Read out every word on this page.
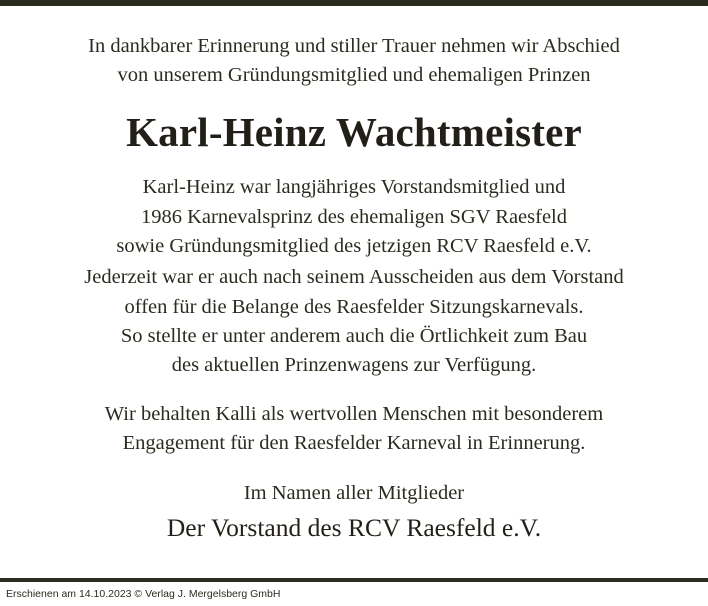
In dankbarer Erinnerung und stiller Trauer nehmen wir Abschied
von unserem Gründungsmitglied und ehemaligen Prinzen
Karl-Heinz Wachtmeister
Karl-Heinz war langjähriges Vorstandsmitglied und
1986 Karnevalsprinz des ehemaligen SGV Raesfeld
sowie Gründungsmitglied des jetzigen RCV Raesfeld e.V.
Jederzeit war er auch nach seinem Ausscheiden aus dem Vorstand
offen für die Belange des Raesfelder Sitzungskarnevals.
So stellte er unter anderem auch die Örtlichkeit zum Bau
des aktuellen Prinzenwagens zur Verfügung.
Wir behalten Kalli als wertvollen Menschen mit besonderem
Engagement für den Raesfelder Karneval in Erinnerung.
Im Namen aller Mitglieder
Der Vorstand des RCV Raesfeld e.V.
Erschienen am 14.10.2023 © Verlag J. Mergelsberg GmbH
